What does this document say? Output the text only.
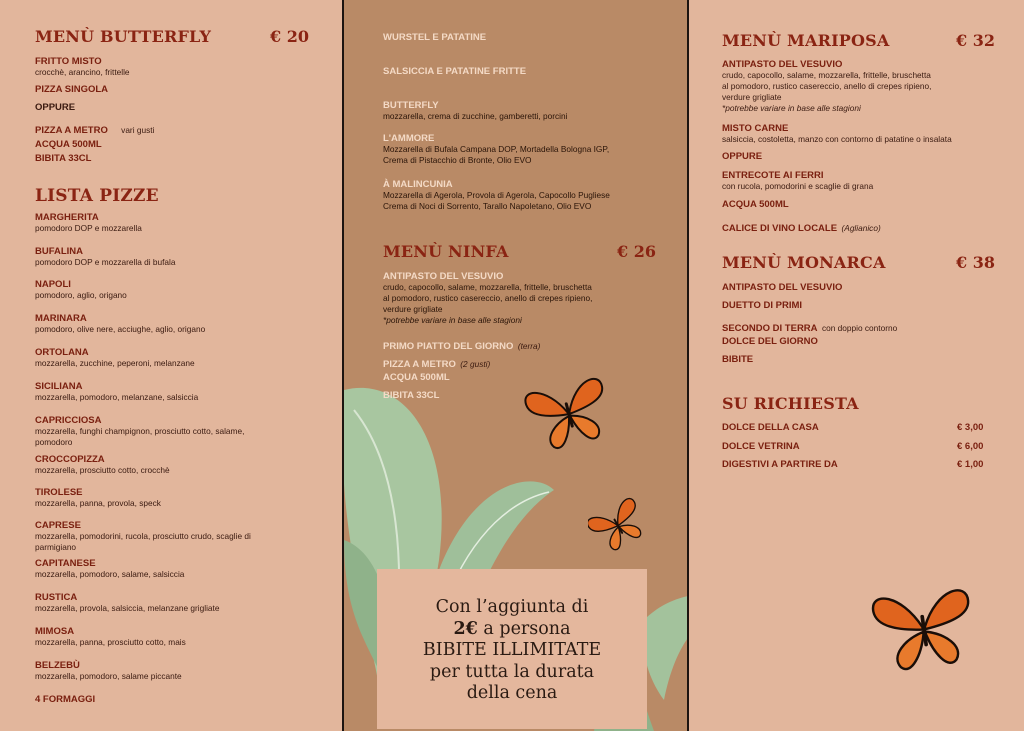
MENÙ BUTTERFLY	€ 20
FRITTO MISTO
crocchè, arancino, frittelle
PIZZA SINGOLA
OPPURE
PIZZA A METRO vari gusti
ACQUA 500ML
BIBITA 33CL
LISTA PIZZE
MARGHERITA
pomodoro DOP e mozzarella
BUFALINA
pomodoro DOP e mozzarella di bufala
NAPOLI
pomodoro, aglio, origano
MARINARA
pomodoro, olive nere, acciughe, aglio, origano
ORTOLANA
mozzarella, zucchine, peperoni, melanzane
SICILIANA
mozzarella, pomodoro, melanzane, salsiccia
CAPRICCIOSA
mozzarella, funghi champignon, prosciutto cotto, salame,
pomodoro
CROCCOPIZZA
mozzarella, prosciutto cotto, crocchè
TIROLESE
mozzarella, panna, provola, speck
CAPRESE
mozzarella, pomodorini, rucola, prosciutto crudo, scaglie di
parmigiano
CAPITANESE
mozzarella, pomodoro, salame, salsiccia
RUSTICA
mozzarella, provola, salsiccia, melanzane grigliate
MIMOSA
mozzarella, panna, prosciutto cotto, mais
BELZEBÙ
mozzarella, pomodoro, salame piccante
4 FORMAGGI
WURSTEL E PATATINE
SALSICCIA E PATATINE FRITTE
BUTTERFLY
mozzarella, crema di zucchine, gamberetti, porcini
L'AMMORE
Mozzarella di Bufala Campana DOP, Mortadella Bologna IGP,
Crema di Pistacchio di Bronte, Olio EVO
À MALINCUNIA
Mozzarella di Agerola, Provola di Agerola, Capocollo Pugliese
Crema di Noci di Sorrento, Tarallo Napoletano, Olio EVO
MENÙ NINFA	€ 26
ANTIPASTO DEL VESUVIO
crudo, capocollo, salame, mozzarella, frittelle, bruschetta
al pomodoro, rustico casereccio, anello di crepes ripieno,
verdure grigliate
*potrebbe variare in base alle stagioni
PRIMO PIATTO DEL GIORNO (terra)
PIZZA A METRO (2 gusti)
ACQUA 500ML
BIBITA 33CL
Con l’aggiunta di
2€ a persona
BIBITE ILLIMITATE
per tutta la durata
della cena
MENÙ MARIPOSA	€ 32
ANTIPASTO DEL VESUVIO
crudo, capocollo, salame, mozzarella, frittelle, bruschetta
al pomodoro, rustico casereccio, anello di crepes ripieno,
verdure grigliate
*potrebbe variare in base alle stagioni
MISTO CARNE
salsiccia, costoletta, manzo con contorno di patatine o insalata
OPPURE
ENTRECOTE AI FERRI
con rucola, pomodorini e scaglie di grana
ACQUA 500ML
CALICE DI VINO LOCALE (Aglianico)
MENÙ MONARCA	€ 38
ANTIPASTO DEL VESUVIO
DUETTO DI PRIMI
SECONDO DI TERRA con doppio contorno
DOLCE DEL GIORNO
BIBITE
SU RICHIESTA
DOLCE DELLA CASA	€ 3,00
DOLCE VETRINA	€ 6,00
DIGESTIVI A PARTIRE DA	€ 1,00
